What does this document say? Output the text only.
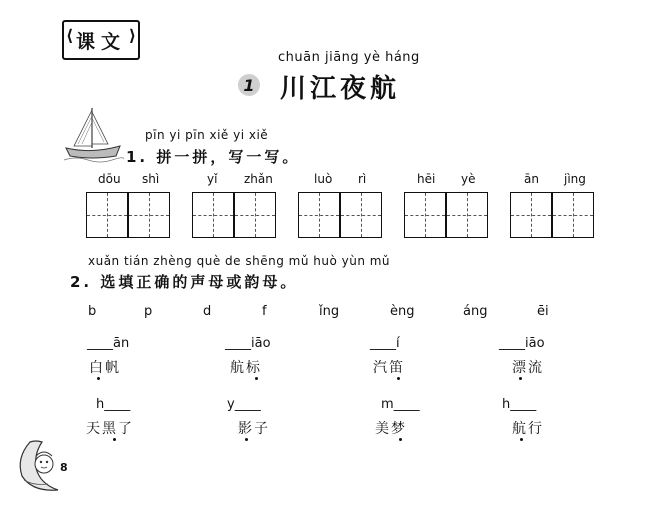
⟨ 课文 ⟩
chuān jiāng yè háng
1 川江夜航
pīn yi pīn xiě yi xiě
1. 拼一拼，写一写。
dōu shì	yǐ zhǎn	luò rì	hēi yè	ān jìng
xuǎn tián zhèng què de shēng mǔ huò yùn mǔ
2. 选填正确的声母或韵母。
b	p	d	f	ǐng	èng	áng	ēi
____ān	____iāo	____í	____iāo
白帆	航标	汽笛	漂流
h____	y____	m____	h____
天黑了	影子	美梦	航行
8
